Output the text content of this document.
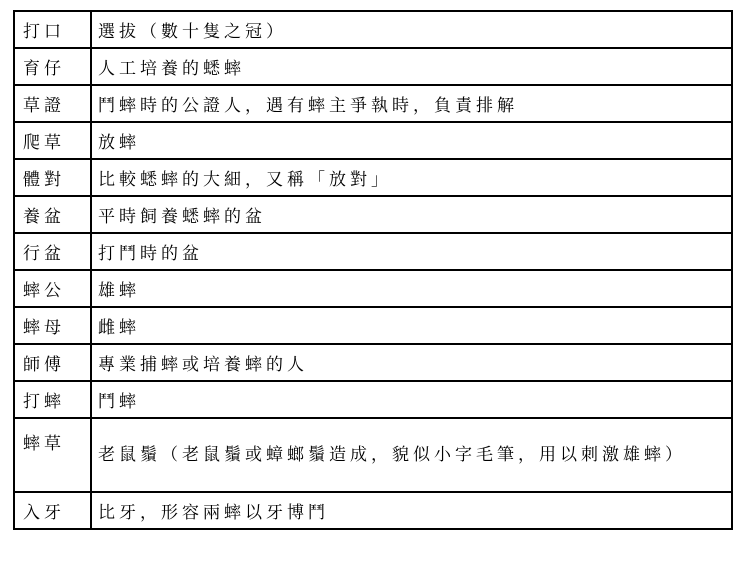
打口	選拔（數十隻之冠）
育仔	人工培養的蟋蟀
草證	鬥蟀時的公證人，遇有蟀主爭執時，負責排解
爬草	放蟀
體對	比較蟋蟀的大細，又稱「放對」
養盆	平時飼養蟋蟀的盆
行盆	打鬥時的盆
蟀公	雄蟀
蟀母	雌蟀
師傅	專業捕蟀或培養蟀的人
打蟀	鬥蟀
蟀草	老鼠鬚（老鼠鬚或蟑螂鬚造成，貌似小字毛筆，用以刺激雄蟀）
入牙	比牙，形容兩蟀以牙博鬥
